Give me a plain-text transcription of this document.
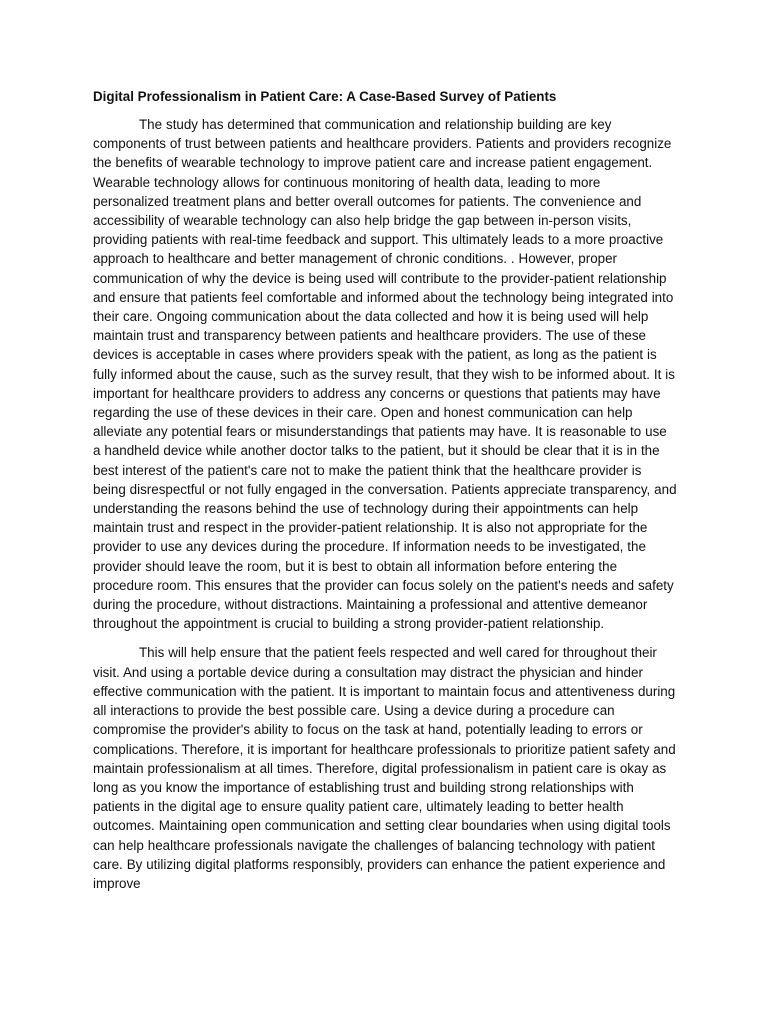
Digital Professionalism in Patient Care: A Case-Based Survey of Patients

The study has determined that communication and relationship building are key components of trust between patients and healthcare providers. Patients and providers recognize the benefits of wearable technology to improve patient care and increase patient engagement. Wearable technology allows for continuous monitoring of health data, leading to more personalized treatment plans and better overall outcomes for patients. The convenience and accessibility of wearable technology can also help bridge the gap between in-person visits, providing patients with real-time feedback and support. This ultimately leads to a more proactive approach to healthcare and better management of chronic conditions. . However, proper communication of why the device is being used will contribute to the provider-patient relationship and ensure that patients feel comfortable and informed about the technology being integrated into their care. Ongoing communication about the data collected and how it is being used will help maintain trust and transparency between patients and healthcare providers. The use of these devices is acceptable in cases where providers speak with the patient, as long as the patient is fully informed about the cause, such as the survey result, that they wish to be informed about. It is important for healthcare providers to address any concerns or questions that patients may have regarding the use of these devices in their care. Open and honest communication can help alleviate any potential fears or misunderstandings that patients may have. It is reasonable to use a handheld device while another doctor talks to the patient, but it should be clear that it is in the best interest of the patient's care not to make the patient think that the healthcare provider is being disrespectful or not fully engaged in the conversation. Patients appreciate transparency, and understanding the reasons behind the use of technology during their appointments can help maintain trust and respect in the provider-patient relationship. It is also not appropriate for the provider to use any devices during the procedure. If information needs to be investigated, the provider should leave the room, but it is best to obtain all information before entering the procedure room. This ensures that the provider can focus solely on the patient's needs and safety during the procedure, without distractions. Maintaining a professional and attentive demeanor throughout the appointment is crucial to building a strong provider-patient relationship.

This will help ensure that the patient feels respected and well cared for throughout their visit. And using a portable device during a consultation may distract the physician and hinder effective communication with the patient. It is important to maintain focus and attentiveness during all interactions to provide the best possible care. Using a device during a procedure can compromise the provider's ability to focus on the task at hand, potentially leading to errors or complications. Therefore, it is important for healthcare professionals to prioritize patient safety and maintain professionalism at all times. Therefore, digital professionalism in patient care is okay as long as you know the importance of establishing trust and building strong relationships with patients in the digital age to ensure quality patient care, ultimately leading to better health outcomes. Maintaining open communication and setting clear boundaries when using digital tools can help healthcare professionals navigate the challenges of balancing technology with patient care. By utilizing digital platforms responsibly, providers can enhance the patient experience and improve
